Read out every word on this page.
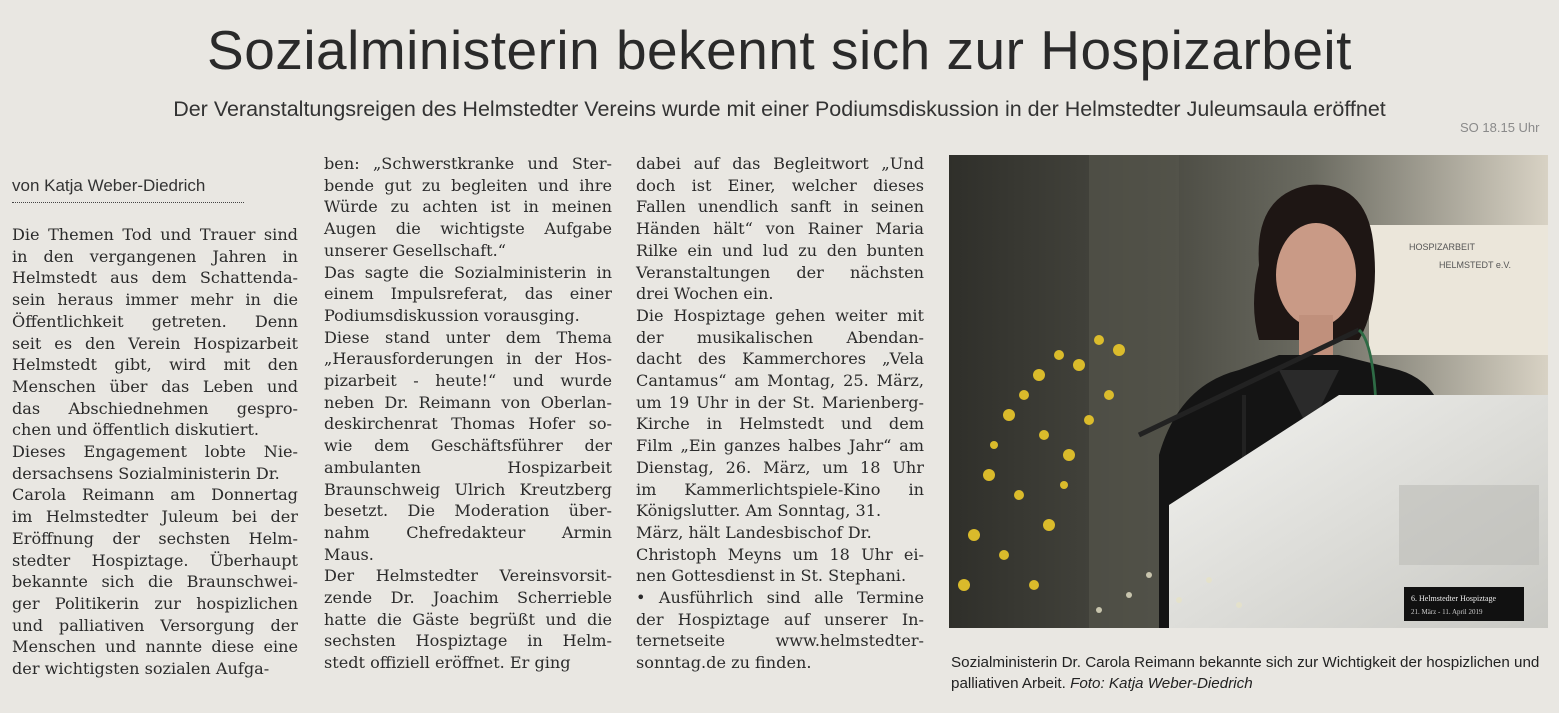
Sozialministerin bekennt sich zur Hospizarbeit

Der Veranstaltungsreigen des Helmstedter Vereins wurde mit einer Podiumsdiskussion in der Helmstedter Juleumsaula eröffnet

von Katja Weber-Diedrich
Die Themen Tod und Trauer sind
in den vergangenen Jahren in
Helmstedt aus dem Schattenda-
sein heraus immer mehr in die
Öffentlichkeit getreten. Denn
seit es den Verein Hospizarbeit
Helmstedt gibt, wird mit den
Menschen über das Leben und
das Abschiednehmen gespro-
chen und öffentlich diskutiert.
Dieses Engagement lobte Nie-
dersachsens Sozialministerin Dr.
Carola Reimann am Donnertag
im Helmstedter Juleum bei der
Eröffnung der sechsten Helm-
stedter Hospiztage. Überhaupt
bekannte sich die Braunschwei-
ger Politikerin zur hospizlichen
und palliativen Versorgung der
Menschen und nannte diese eine
der wichtigsten sozialen Aufga-
ben: „Schwerstkranke und Ster-
bende gut zu begleiten und ihre
Würde zu achten ist in meinen
Augen die wichtigste Aufgabe
unserer Gesellschaft.“
Das sagte die Sozialministerin in
einem Impulsreferat, das einer
Podiumsdiskussion vorausging.
Diese stand unter dem Thema
„Herausforderungen in der Hos-
pizarbeit - heute!“ und wurde
neben Dr. Reimann von Oberlan-
deskirchenrat Thomas Hofer so-
wie dem Geschäftsführer der
ambulanten Hospizarbeit
Braunschweig Ulrich Kreutzberg
besetzt. Die Moderation über-
nahm Chefredakteur Armin
Maus.
Der Helmstedter Vereinsvorsit-
zende Dr. Joachim Scherrieble
hatte die Gäste begrüßt und die
sechsten Hospiztage in Helm-
stedt offiziell eröffnet. Er ging
dabei auf das Begleitwort „Und
doch ist Einer, welcher dieses
Fallen unendlich sanft in seinen
Händen hält“ von Rainer Maria
Rilke ein und lud zu den bunten
Veranstaltungen der nächsten
drei Wochen ein.
Die Hospiztage gehen weiter mit
der musikalischen Abendan-
dacht des Kammerchores „Vela
Cantamus“ am Montag, 25. März,
um 19 Uhr in der St. Marienberg-
Kirche in Helmstedt und dem
Film „Ein ganzes halbes Jahr“ am
Dienstag, 26. März, um 18 Uhr
im Kammerlichtspiele-Kino in
Königslutter. Am Sonntag, 31.
März, hält Landesbischof Dr.
Christoph Meyns um 18 Uhr ei-
nen Gottesdienst in St. Stephani.
• Ausführlich sind alle Termine
der Hospiztage auf unserer In-
ternetseite www.helmstedter-
sonntag.de zu finden.
HOSPIZARBEIT
HELMSTEDT e.V.
6. Helmstedter Hospiztage
21. März - 11. April 2019
Sozialministerin Dr. Carola Reimann bekannte sich zur Wichtigkeit der hospizlichen und palliativen Arbeit. Foto: Katja Weber-Diedrich
SO 18.15 Uhr
